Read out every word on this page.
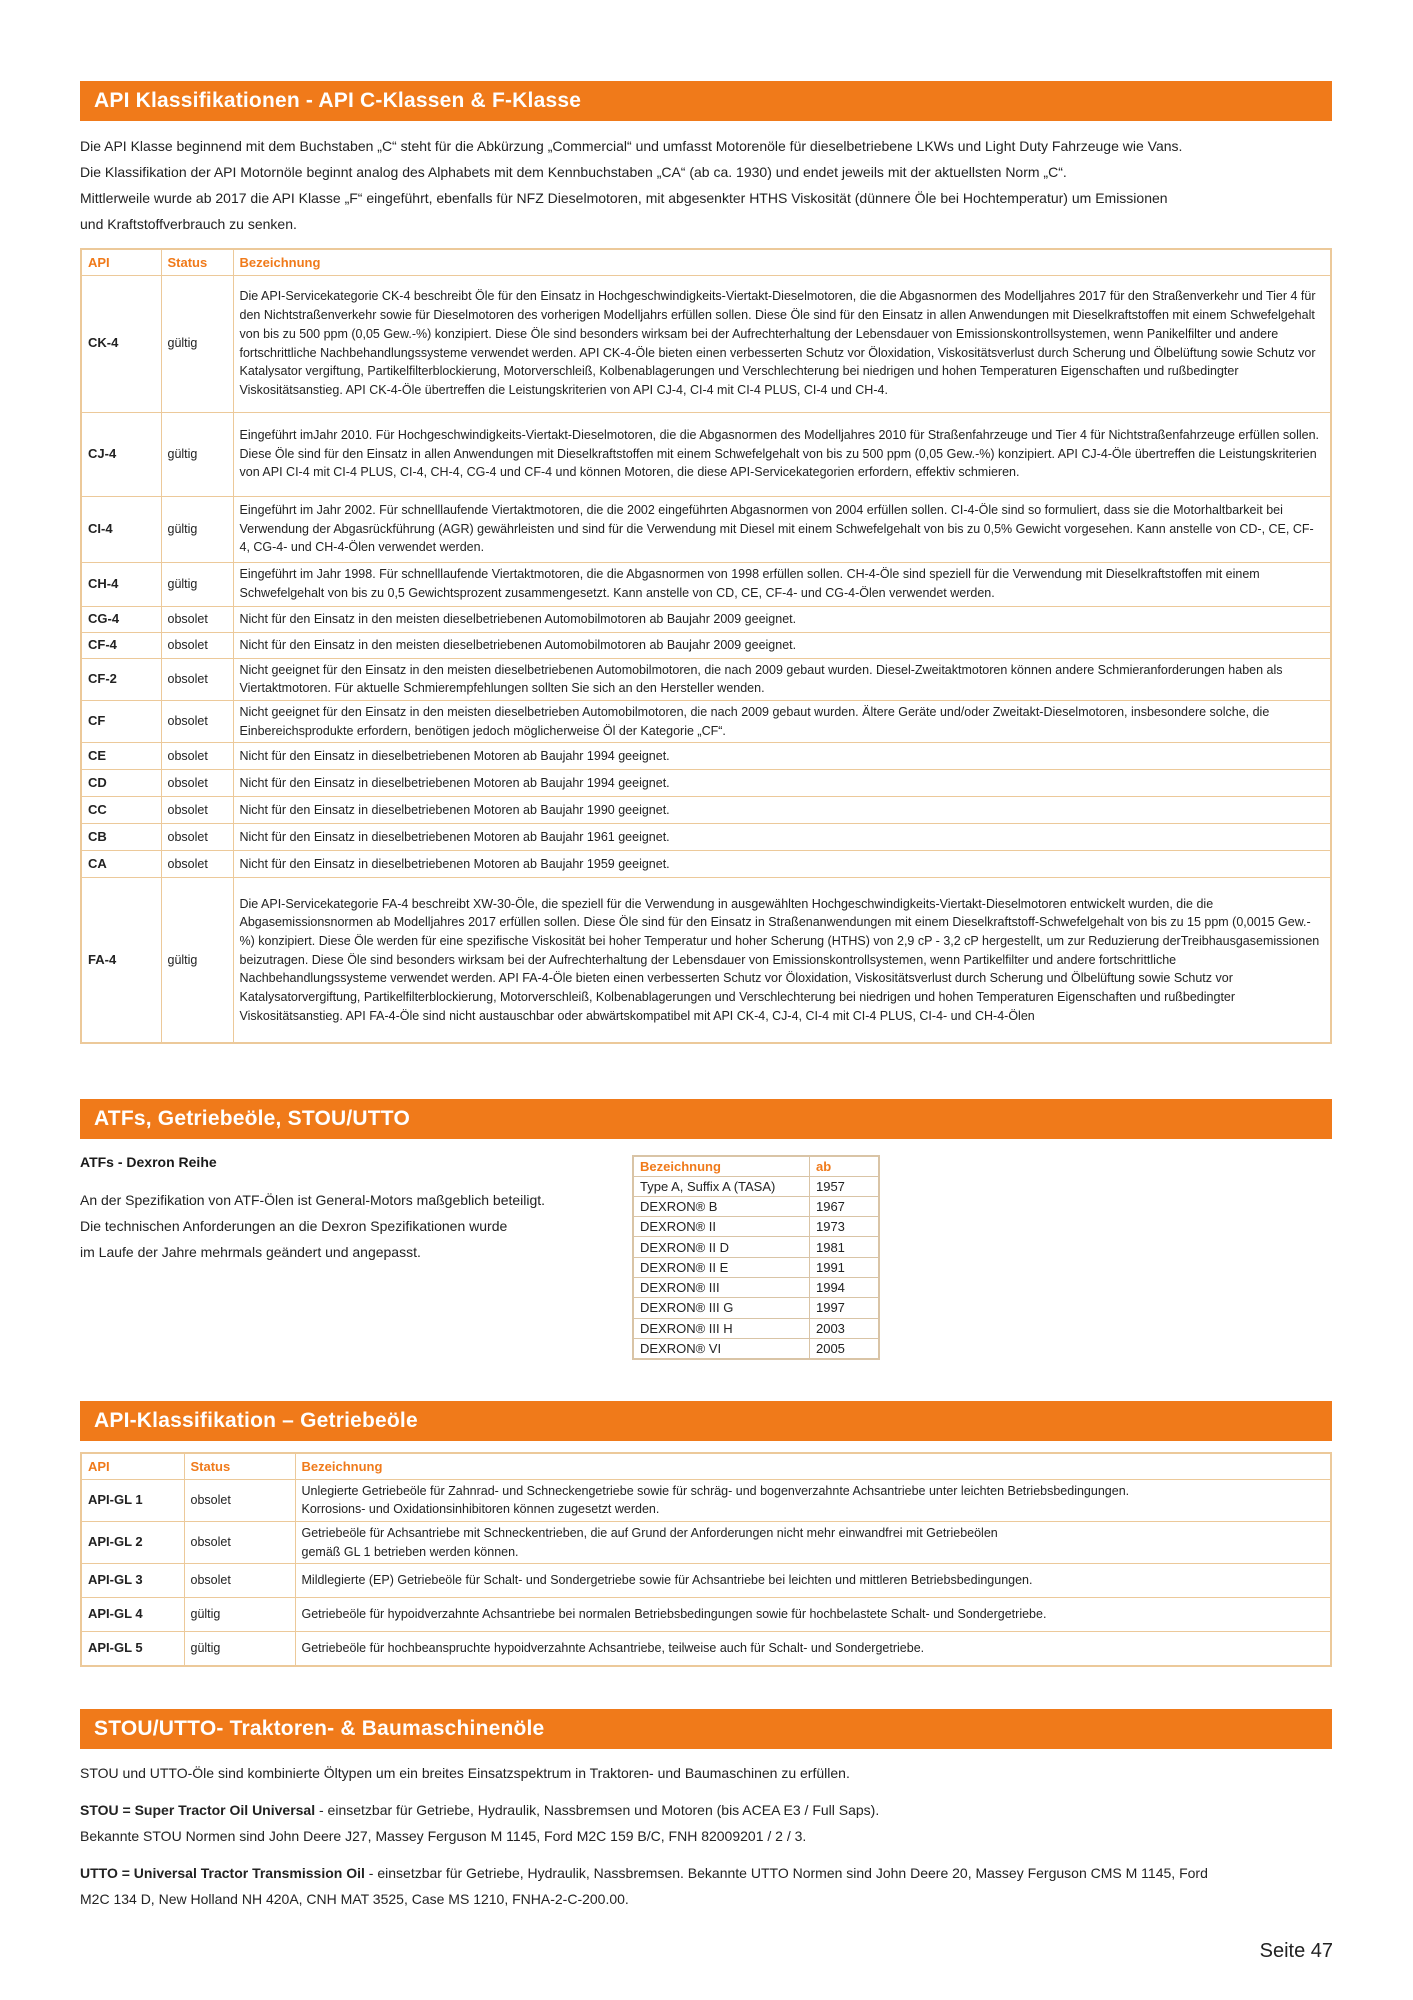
API Klassifikationen - API C-Klassen & F-Klasse
Die API Klasse beginnend mit dem Buchstaben „C“ steht für die Abkürzung „Commercial“ und umfasst Motorenöle für dieselbetriebene LKWs und Light Duty Fahrzeuge wie Vans.
Die Klassifikation der API Motornöle beginnt analog des Alphabets mit dem Kennbuchstaben „CA“ (ab ca. 1930) und endet jeweils mit der aktuellsten Norm „C“.
Mittlerweile wurde ab 2017 die API Klasse „F“ eingeführt, ebenfalls für NFZ Dieselmotoren, mit abgesenkter HTHS Viskosität (dünnere Öle bei Hochtemperatur) um Emissionen
und Kraftstoffverbrauch zu senken.
API	Status	Bezeichnung
CK-4	gültig	Die API-Servicekategorie CK-4 beschreibt Öle für den Einsatz in Hochgeschwindigkeits-Viertakt-Dieselmotoren, die die Abgasnormen des Modelljahres 2017 für den Straßenverkehr und Tier 4 für den Nichtstraßenverkehr sowie für Dieselmotoren des vorherigen Modelljahrs erfüllen sollen. Diese Öle sind für den Einsatz in allen Anwendungen mit Dieselkraftstoffen mit einem Schwefelgehalt von bis zu 500 ppm (0,05 Gew.-%) konzipiert. Diese Öle sind besonders wirksam bei der Aufrechterhaltung der Lebensdauer von Emissionskontrollsystemen, wenn Panikelfilter und andere fortschrittliche Nachbehandlungssysteme verwendet werden. API CK-4-Öle bieten einen verbesserten Schutz vor Öloxidation, Viskositätsverlust durch Scherung und Ölbelüftung sowie Schutz vor Katalysator vergiftung, Partikelfilterblockierung, Motorverschleiß, Kolbenablagerungen und Verschlechterung bei niedrigen und hohen Temperaturen Eigenschaften und rußbedingter Viskositätsanstieg. API CK-4-Öle übertreffen die Leistungskriterien von API CJ-4, CI-4 mit CI-4 PLUS, CI-4 und CH-4.
CJ-4	gültig	Eingeführt imJahr 2010. Für Hochgeschwindigkeits-Viertakt-Dieselmotoren, die die Abgasnormen des Modelljahres 2010 für Straßenfahrzeuge und Tier 4 für Nichtstraßenfahrzeuge erfüllen sollen. Diese Öle sind für den Einsatz in allen Anwendungen mit Dieselkraftstoffen mit einem Schwefelgehalt von bis zu 500 ppm (0,05 Gew.-%) konzipiert. API CJ-4-Öle übertreffen die Leistungskriterien von API CI-4 mit CI-4 PLUS, CI-4, CH-4, CG-4 und CF-4 und können Motoren, die diese API-Servicekategorien erfordern, effektiv schmieren.
CI-4	gültig	Eingeführt im Jahr 2002. Für schnelllaufende Viertaktmotoren, die die 2002 eingeführten Abgasnormen von 2004 erfüllen sollen. CI-4-Öle sind so formuliert, dass sie die Motorhaltbarkeit bei Verwendung der Abgasrückführung (AGR) gewährleisten und sind für die Verwendung mit Diesel mit einem Schwefelgehalt von bis zu 0,5% Gewicht vorgesehen. Kann anstelle von CD-, CE, CF-4, CG-4- und CH-4-Ölen verwendet werden.
CH-4	gültig	Eingeführt im Jahr 1998. Für schnelllaufende Viertaktmotoren, die die Abgasnormen von 1998 erfüllen sollen. CH-4-Öle sind speziell für die Verwendung mit Dieselkraftstoffen mit einem Schwefelgehalt von bis zu 0,5 Gewichtsprozent zusammengesetzt. Kann anstelle von CD, CE, CF-4- und CG-4-Ölen verwendet werden.
CG-4	obsolet	Nicht für den Einsatz in den meisten dieselbetriebenen Automobilmotoren ab Baujahr 2009 geeignet.
CF-4	obsolet	Nicht für den Einsatz in den meisten dieselbetriebenen Automobilmotoren ab Baujahr 2009 geeignet.
CF-2	obsolet	Nicht geeignet für den Einsatz in den meisten dieselbetriebenen Automobilmotoren, die nach 2009 gebaut wurden. Diesel-Zweitaktmotoren können andere Schmieranforderungen haben als Viertaktmotoren. Für aktuelle Schmierempfehlungen sollten Sie sich an den Hersteller wenden.
CF	obsolet	Nicht geeignet für den Einsatz in den meisten dieselbetrieben Automobilmotoren, die nach 2009 gebaut wurden. Ältere Geräte und/oder Zweitakt-Dieselmotoren, insbesondere solche, die Einbereichsprodukte erfordern, benötigen jedoch möglicherweise Öl der Kategorie „CF“.
CE	obsolet	Nicht für den Einsatz in dieselbetriebenen Motoren ab Baujahr 1994 geeignet.
CD	obsolet	Nicht für den Einsatz in dieselbetriebenen Motoren ab Baujahr 1994 geeignet.
CC	obsolet	Nicht für den Einsatz in dieselbetriebenen Motoren ab Baujahr 1990 geeignet.
CB	obsolet	Nicht für den Einsatz in dieselbetriebenen Motoren ab Baujahr 1961 geeignet.
CA	obsolet	Nicht für den Einsatz in dieselbetriebenen Motoren ab Baujahr 1959 geeignet.
FA-4	gültig	Die API-Servicekategorie FA-4 beschreibt XW-30-Öle, die speziell für die Verwendung in ausgewählten Hochgeschwindigkeits-Viertakt-Dieselmotoren entwickelt wurden, die die Abgasemissionsnormen ab Modelljahres 2017 erfüllen sollen. Diese Öle sind für den Einsatz in Straßenanwendungen mit einem Dieselkraftstoff-Schwefelgehalt von bis zu 15 ppm (0,0015 Gew.-%) konzipiert. Diese Öle werden für eine spezifische Viskosität bei hoher Temperatur und hoher Scherung (HTHS) von 2,9 cP - 3,2 cP hergestellt, um zur Reduzierung derTreibhausgasemissionen beizutragen. Diese Öle sind besonders wirksam bei der Aufrechterhaltung der Lebensdauer von Emissionskontrollsystemen, wenn Partikelfilter und andere fortschrittliche Nachbehandlungssysteme verwendet werden. API FA-4-Öle bieten einen verbesserten Schutz vor Öloxidation, Viskositätsverlust durch Scherung und Ölbelüftung sowie Schutz vor Katalysatorvergiftung, Partikelfilterblockierung, Motorverschleiß, Kolbenablagerungen und Verschlechterung bei niedrigen und hohen Temperaturen Eigenschaften und rußbedingter Viskositätsanstieg. API FA-4-Öle sind nicht austauschbar oder abwärtskompatibel mit API CK-4, CJ-4, CI-4 mit CI-4 PLUS, CI-4- und CH-4-Ölen
ATFs, Getriebeöle, STOU/UTTO
ATFs - Dexron Reihe
An der Spezifikation von ATF-Ölen ist General-Motors maßgeblich beteiligt.
Die technischen Anforderungen an die Dexron Spezifikationen wurde
im Laufe der Jahre mehrmals geändert und angepasst.
Bezeichnung	ab
Type A, Suffix A (TASA)	1957
DEXRON® B	1967
DEXRON® II	1973
DEXRON® II D	1981
DEXRON® II E	1991
DEXRON® III	1994
DEXRON® III G	1997
DEXRON® III H	2003
DEXRON® VI	2005
API-Klassifikation – Getriebeöle
API	Status	Bezeichnung
API-GL 1	obsolet	Unlegierte Getriebeöle für Zahnrad- und Schneckengetriebe sowie für schräg- und bogenverzahnte Achsantriebe unter leichten Betriebsbedingungen.
Korrosions- und Oxidationsinhibitoren können zugesetzt werden.

API-GL 2	obsolet	Getriebeöle für Achsantriebe mit Schneckentrieben, die auf Grund der Anforderungen nicht mehr einwandfrei mit Getriebeölen
gemäß GL 1 betrieben werden können.

API-GL 3	obsolet	Mildlegierte (EP) Getriebeöle für Schalt- und Sondergetriebe sowie für Achsantriebe bei leichten und mittleren Betriebsbedingungen.
API-GL 4	gültig	Getriebeöle für hypoidverzahnte Achsantriebe bei normalen Betriebsbedingungen sowie für hochbelastete Schalt- und Sondergetriebe.
API-GL 5	gültig	Getriebeöle für hochbeanspruchte hypoidverzahnte Achsantriebe, teilweise auch für Schalt- und Sondergetriebe.
STOU/UTTO- Traktoren- & Baumaschinenöle
STOU und UTTO-Öle sind kombinierte Öltypen um ein breites Einsatzspektrum in Traktoren- und Baumaschinen zu erfüllen.
STOU = Super Tractor Oil Universal - einsetzbar für Getriebe, Hydraulik, Nassbremsen und Motoren (bis ACEA E3 / Full Saps).
Bekannte STOU Normen sind John Deere J27, Massey Ferguson M 1145, Ford M2C 159 B/C, FNH 82009201 / 2 / 3.
UTTO = Universal Tractor Transmission Oil - einsetzbar für Getriebe, Hydraulik, Nassbremsen. Bekannte UTTO Normen sind John Deere 20, Massey Ferguson CMS M 1145, Ford
M2C 134 D, New Holland NH 420A, CNH MAT 3525, Case MS 1210, FNHA-2-C-200.00.
Seite 47
